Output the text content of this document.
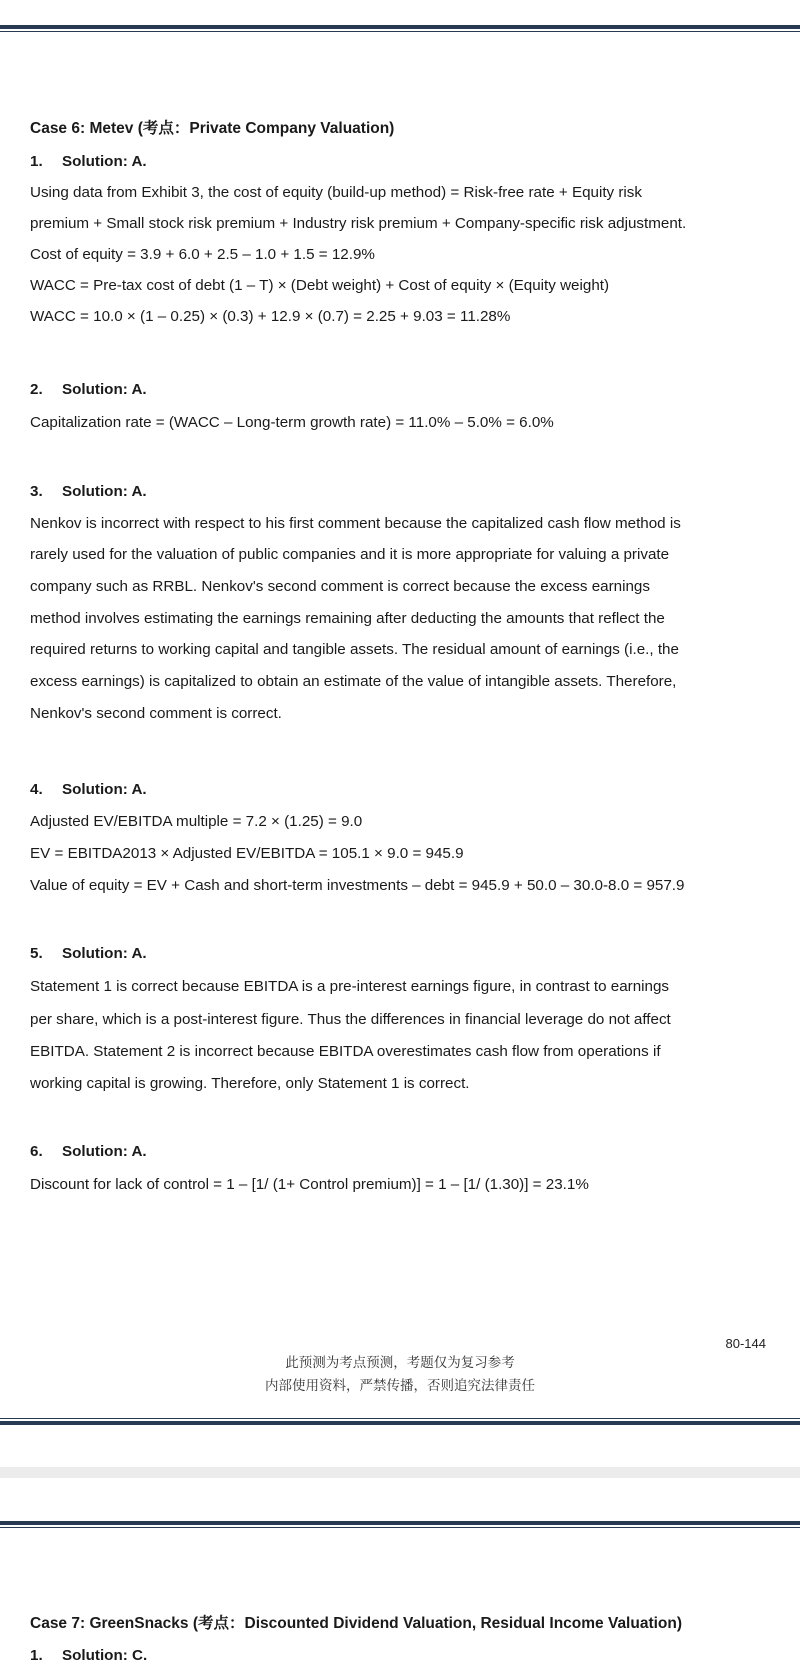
Case 6: Metev (考点：Private Company Valuation)
1. Solution: A.
Using data from Exhibit 3, the cost of equity (build-up method) = Risk-free rate + Equity risk
premium + Small stock risk premium + Industry risk premium + Company-specific risk adjustment.
Cost of equity = 3.9 + 6.0 + 2.5 – 1.0 + 1.5 = 12.9%
WACC = Pre-tax cost of debt (1 – T) × (Debt weight) + Cost of equity × (Equity weight)
WACC = 10.0 × (1 – 0.25) × (0.3) + 12.9 × (0.7) = 2.25 + 9.03 = 11.28%
2. Solution: A.
Capitalization rate = (WACC – Long-term growth rate) = 11.0% – 5.0% = 6.0%
3. Solution: A.
Nenkov is incorrect with respect to his first comment because the capitalized cash flow method is
rarely used for the valuation of public companies and it is more appropriate for valuing a private
company such as RRBL. Nenkov's second comment is correct because the excess earnings
method involves estimating the earnings remaining after deducting the amounts that reflect the
required returns to working capital and tangible assets. The residual amount of earnings (i.e., the
excess earnings) is capitalized to obtain an estimate of the value of intangible assets. Therefore,
Nenkov's second comment is correct.
4. Solution: A.
Adjusted EV/EBITDA multiple = 7.2 × (1.25) = 9.0
EV = EBITDA2013 × Adjusted EV/EBITDA = 105.1 × 9.0 = 945.9
Value of equity = EV + Cash and short-term investments – debt = 945.9 + 50.0 – 30.0-8.0 = 957.9
5. Solution: A.
Statement 1 is correct because EBITDA is a pre-interest earnings figure, in contrast to earnings
per share, which is a post-interest figure. Thus the differences in financial leverage do not affect
EBITDA. Statement 2 is incorrect because EBITDA overestimates cash flow from operations if
working capital is growing. Therefore, only Statement 1 is correct.
6. Solution: A.
Discount for lack of control = 1 – [1/ (1+ Control premium)] = 1 – [1/ (1.30)] = 23.1%
80-144
此预测为考点预测，考题仅为复习参考
内部使用资料，严禁传播，否则追究法律责任
Case 7: GreenSnacks (考点：Discounted Dividend Valuation, Residual Income Valuation)
1. Solution: C.
